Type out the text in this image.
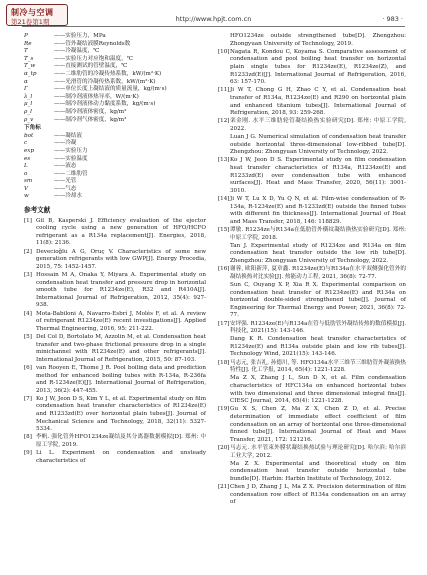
制冷与空调
第21卷第1期	http://www.hpjt.com.cn	· 983 ·
P	——实验压力，MPa
Re	——管外凝结液膜Reynolds数
T	——冷凝温度，℃
T_s	——实验压力对应饱和温度，℃
T_w	——直接测试的管壁温度，℃
α_tp	——二维肋管的冷凝传热系数，kW/(m²·K)
α	——光滑管的冷凝传热系数，kW/(m²·K)
Γ	——单位长度上凝结液的质量流量，kg/(m·s)
λ_l	——制冷剂液体热导率，W/(m·K)
μ_l	——制冷剂液体动力黏度系数，kg/(m·s)
ρ_l	——制冷剂液体密度，kg/m³
ρ_v	——制冷剂气体密度，kg/m³
下角标
bot	——凝结液
c	——冷凝
exp	——实验压力
es	——实验温度
L	——液态
o	——二维肋管
sm	——光管
V	——气态
w	——冷却水
参考文献
[1] Gil B, Kasperski J. Efficiency evaluation of the ejector cooling cycle using a new generation of HFO/HCFO refrigerant as a R134a replacement[J]. Energies, 2018, 11(8): 2136.
[2] Devecioğlu A G, Oruç V. Characteristics of some new generation refrigerants with low GWP[J]. Energy Procedia, 2015, 75: 1452-1457.
[3] Hossain M A, Onaka Y, Miyara A. Experimental study on condensation heat transfer and pressure drop in horizontal smooth tube for R1234ze(E), R32 and R410A[J]. International Journal of Refrigeration, 2012, 35(4): 927-938.
[4] Mota-Babiloni A, Navarro-Esbrí J, Molés F, et al. A review of refrigerant R1234ze(E) recent investigations[J]. Applied Thermal Engineering, 2016, 95: 211-222.
[5] Del Col D, Bortolato M, Azzolin M, et al. Condensation heat transfer and two-phase frictional pressure drop in a single minichannel with R1234ze(E) and other refrigerants[J]. International Journal of Refrigeration, 2015, 50: 87-103.
[6] van Rooyen E, Thome J R. Pool boiling data and prediction method for enhanced boiling tubes with R-134a, R-236fa and R-1234ze(E)[J]. International Journal of Refrigeration, 2013, 36(2): 447-455.
[7] Ko J W, Jeon D S, Kim Y L, et al. Experimental study on film condensation heat transfer characteristics of R1234ze(E) and R1233zd(E) over horizontal plain tubes[J]. Journal of Mechanical Science and Technology, 2018, 32(11): 5327-5334.
[8] 李帆. 强化管外HFO1234ze凝结及其分离器数据模拟[D]. 郑州: 中原工学院, 2019.
[9] Li L. Experiment on condensation and unsteady characteristics of
HFO1234ze outside strengthened tube[D]. Zhengzhou: Zhongyuan University of Technology, 2019.
[10] Nagata R, Kondou C, Koyama S. Comparative assessment of condensation and pool boiling heat transfer on horizontal plain single tubes for R1234ze(E), R1234ze(Z), and R1233zd(E)[J]. International Journal of Refrigeration, 2016, 63: 157-170.
[11] Ji W T, Chong G H, Zhao C Y, et al. Condensation heat transfer of R134a, R1234ze(E) and R290 on horizontal plain and enhanced titanium tubes[J]. International Journal of Refrigeration, 2018, 93: 259-268.
[12] 栾金刚. 水平三维肋轮管凝结换热实验研究[D]. 郑州: 中原工学院, 2022.
Luan J G. Numerical simulation of condensation heat transfer outside horizontal three-dimensional low-ribbed tube[D]. Zhengzhou: Zhongyuan University of Technology, 2022.
[13] Ko J W, Jeon D S. Experimental study on film condensation heat transfer characteristics of R134a, R1234ze(E) and R1233zd(E) over condensation tube with enhanced surfaces[J]. Heat and Mass Transfer, 2020, 56(11): 3001-3010.
[14] Ji W T, Lu X D, Yu Q N, et al. Film-wise condensation of R-134a, R-1234ze(E) and R-1233zd(E) outside the finned tubes with different fin thickness[J]. International Journal of Heat and Mass Transfer, 2018, 146: 118829.
[15] 谭敏. R1234ze与R134a在低肋管外横纹凝结换热实验研究[D]. 郑州: 中原工学院, 2018.
Tan J. Experimental study of R1234ze and R134a on film condensation heat transfer outside the low rib tube[D]. Zhengzhou: Zhongyuan University of Technology, 2022.
[16] 谢蓉, 欧阳新萍, 夏章鑫. R1234ze(E)与R134a在水平双侧强化管外的凝结换热对比实验[J]. 热能动力工程, 2021, 36(8): 72-77.
Sun C, Ouyang X P, Xia R X. Experimental comparison on condensation heat transfer of R1234ze(E) and R134a on horizontal double-sided strengthened tube[J]. Journal of Engineering for Thermal Energy and Power, 2021, 36(8): 72-77.
[17] 安坪强. R1234ze(E)与R134a在管与低肋管外凝结传热的数值模拟[J]. 科技化, 2021(15): 143-146.
Dang K R. Condensation heat transfer characteristics of R1234ze(E) and R134a outside plain and low rib tubes[J]. Technology Wind, 2021(15): 143-146.
[18] 马志元, 张吉礼, 孙德川, 等. HFO134a水平三维节三维肋管外凝液换热特性[J]. 化工学报, 2014, 65(4): 1221-1228.
Ma Z X, Zhang J L, Sun D X, et al. Film condensation characteristics of HFC134a on enhanced horizontal tubes with two dimensional and three dimensional integral fins[J]. CIESC Journal, 2014, 65(4): 1221-1228.
[19] Gu X S, Chen Z, Ma Z X, Chen Z D, et al. Precise determination of immediate effect coefficient of film condensation on an array of horizontal one three-dimensional finned tube[J]. International Journal of Heat and Mass Transfer, 2021, 172: 121216.
[20] 马志元. 水平管束外膜状凝结换热试验与理论研究[D]. 哈尔滨: 哈尔滨工业大学, 2012.
Ma Z X. Experimental and theoretical study on film condensation heat transfer outside horizontal tube bundle[D]. Harbin: Harbin Institute of Technology, 2012.
[21] Chen J D, Zhang J L, Ma Z X. Precision determination of film condensation row effect of R134a condensation on an array of
